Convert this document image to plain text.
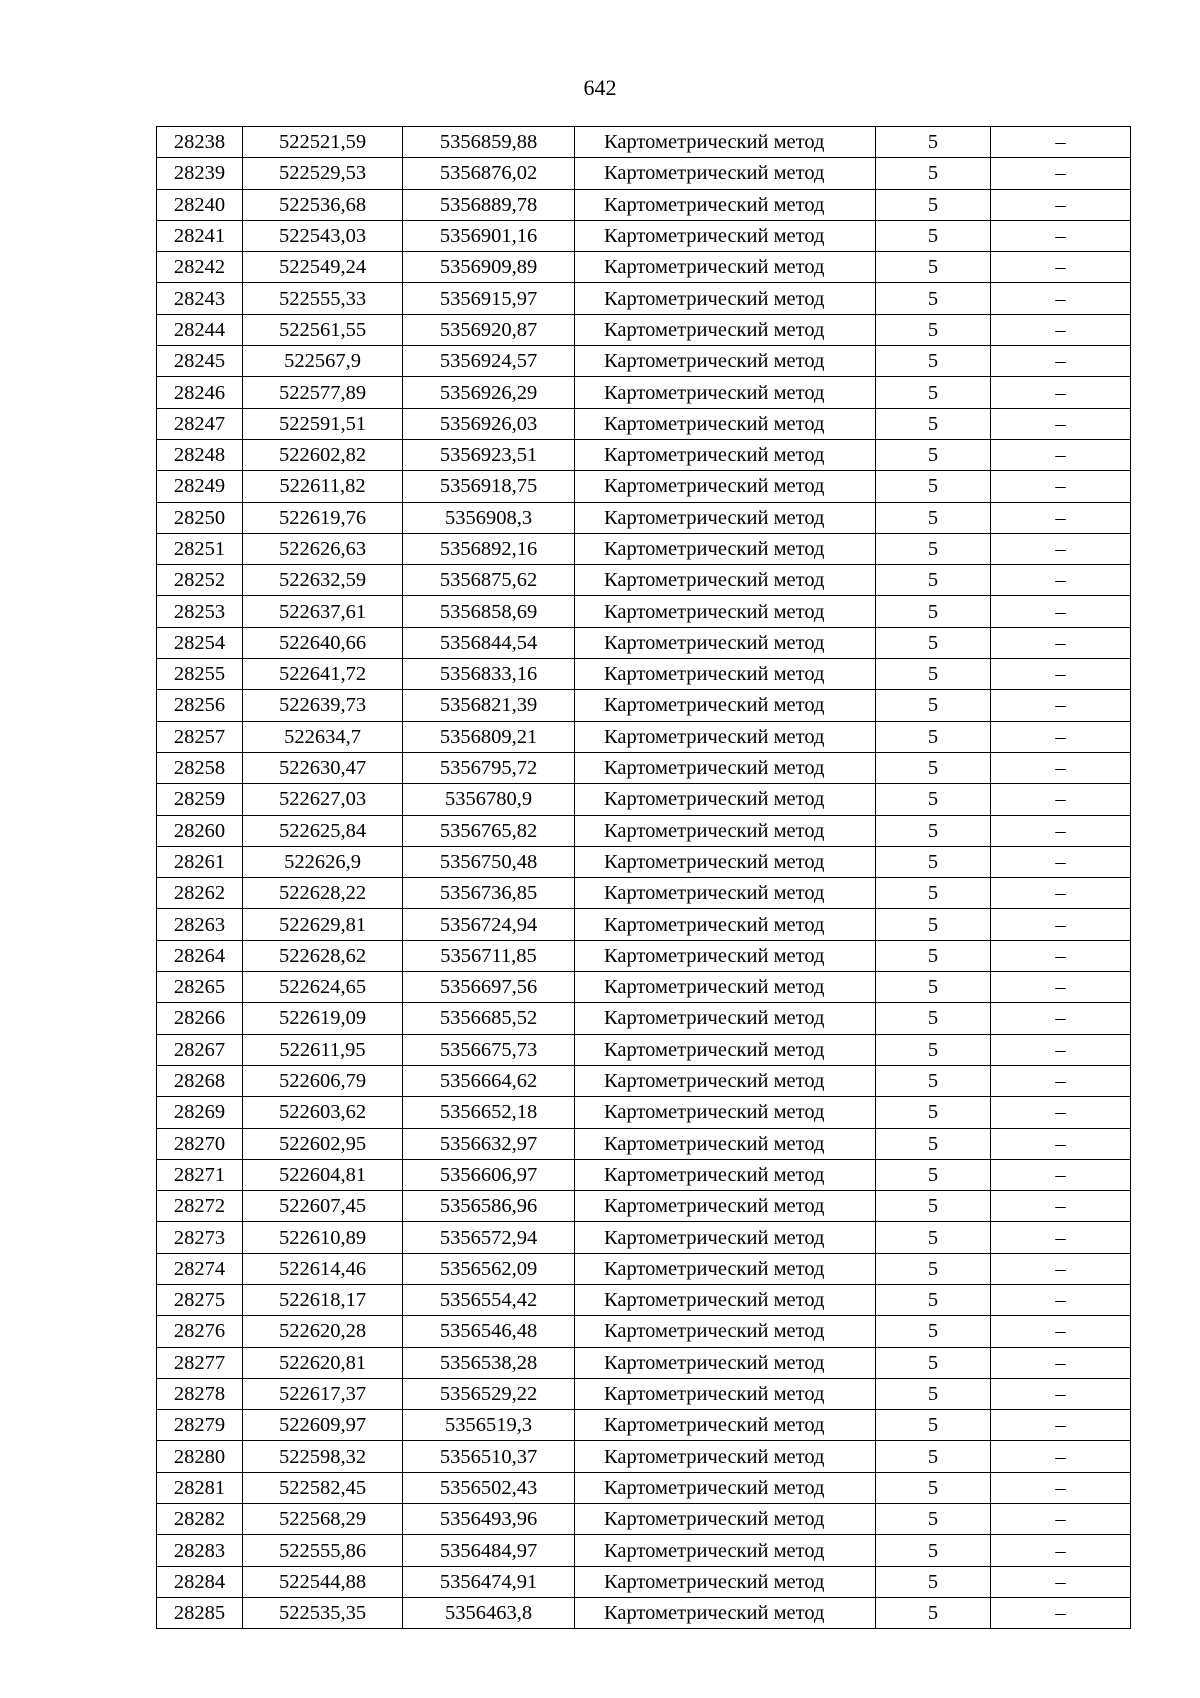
642
28238	522521,59	5356859,88	Картометрический метод	5	–
28239	522529,53	5356876,02	Картометрический метод	5	–
28240	522536,68	5356889,78	Картометрический метод	5	–
28241	522543,03	5356901,16	Картометрический метод	5	–
28242	522549,24	5356909,89	Картометрический метод	5	–
28243	522555,33	5356915,97	Картометрический метод	5	–
28244	522561,55	5356920,87	Картометрический метод	5	–
28245	522567,9	5356924,57	Картометрический метод	5	–
28246	522577,89	5356926,29	Картометрический метод	5	–
28247	522591,51	5356926,03	Картометрический метод	5	–
28248	522602,82	5356923,51	Картометрический метод	5	–
28249	522611,82	5356918,75	Картометрический метод	5	–
28250	522619,76	5356908,3	Картометрический метод	5	–
28251	522626,63	5356892,16	Картометрический метод	5	–
28252	522632,59	5356875,62	Картометрический метод	5	–
28253	522637,61	5356858,69	Картометрический метод	5	–
28254	522640,66	5356844,54	Картометрический метод	5	–
28255	522641,72	5356833,16	Картометрический метод	5	–
28256	522639,73	5356821,39	Картометрический метод	5	–
28257	522634,7	5356809,21	Картометрический метод	5	–
28258	522630,47	5356795,72	Картометрический метод	5	–
28259	522627,03	5356780,9	Картометрический метод	5	–
28260	522625,84	5356765,82	Картометрический метод	5	–
28261	522626,9	5356750,48	Картометрический метод	5	–
28262	522628,22	5356736,85	Картометрический метод	5	–
28263	522629,81	5356724,94	Картометрический метод	5	–
28264	522628,62	5356711,85	Картометрический метод	5	–
28265	522624,65	5356697,56	Картометрический метод	5	–
28266	522619,09	5356685,52	Картометрический метод	5	–
28267	522611,95	5356675,73	Картометрический метод	5	–
28268	522606,79	5356664,62	Картометрический метод	5	–
28269	522603,62	5356652,18	Картометрический метод	5	–
28270	522602,95	5356632,97	Картометрический метод	5	–
28271	522604,81	5356606,97	Картометрический метод	5	–
28272	522607,45	5356586,96	Картометрический метод	5	–
28273	522610,89	5356572,94	Картометрический метод	5	–
28274	522614,46	5356562,09	Картометрический метод	5	–
28275	522618,17	5356554,42	Картометрический метод	5	–
28276	522620,28	5356546,48	Картометрический метод	5	–
28277	522620,81	5356538,28	Картометрический метод	5	–
28278	522617,37	5356529,22	Картометрический метод	5	–
28279	522609,97	5356519,3	Картометрический метод	5	–
28280	522598,32	5356510,37	Картометрический метод	5	–
28281	522582,45	5356502,43	Картометрический метод	5	–
28282	522568,29	5356493,96	Картометрический метод	5	–
28283	522555,86	5356484,97	Картометрический метод	5	–
28284	522544,88	5356474,91	Картометрический метод	5	–
28285	522535,35	5356463,8	Картометрический метод	5	–
